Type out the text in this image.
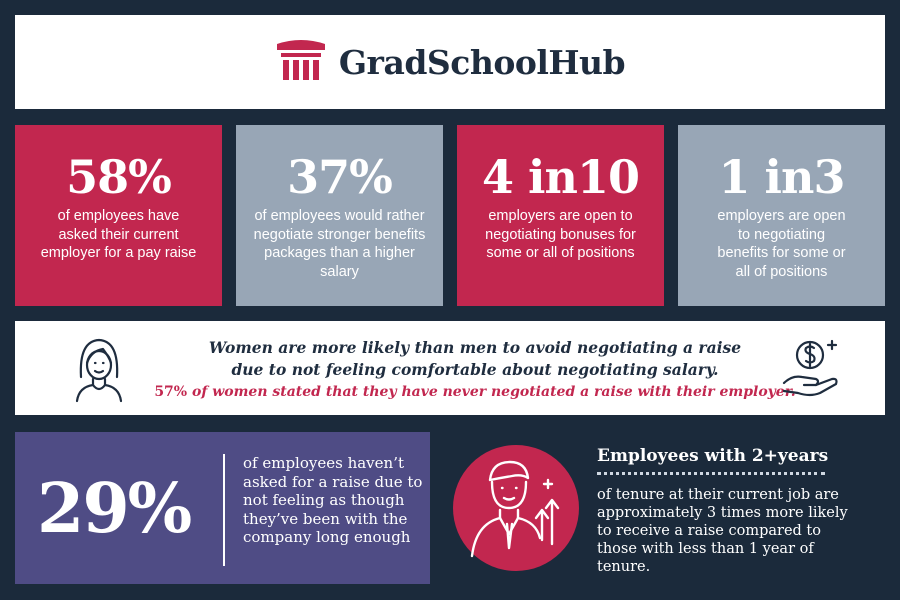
GradSchoolHub
58%
of employees have asked their current employer for a pay raise
37%
of employees would rather negotiate stronger benefits packages than a higher salary
4 in10
employers are open to negotiating bonuses for some or all of positions
1 in3
employers are open to negotiating benefits for some or all of positions
Women are more likely than men to avoid negotiating a raise
due to not feeling comfortable about negotiating salary.
57% of women stated that they have never negotiated a raise with their employer.
29%
of employees haven’t asked for a raise due to not feeling as though they’ve been with the company long enough
Employees with 2+years
of tenure at their current job are approximately 3 times more likely to receive a raise compared to those with less than 1 year of tenure.
